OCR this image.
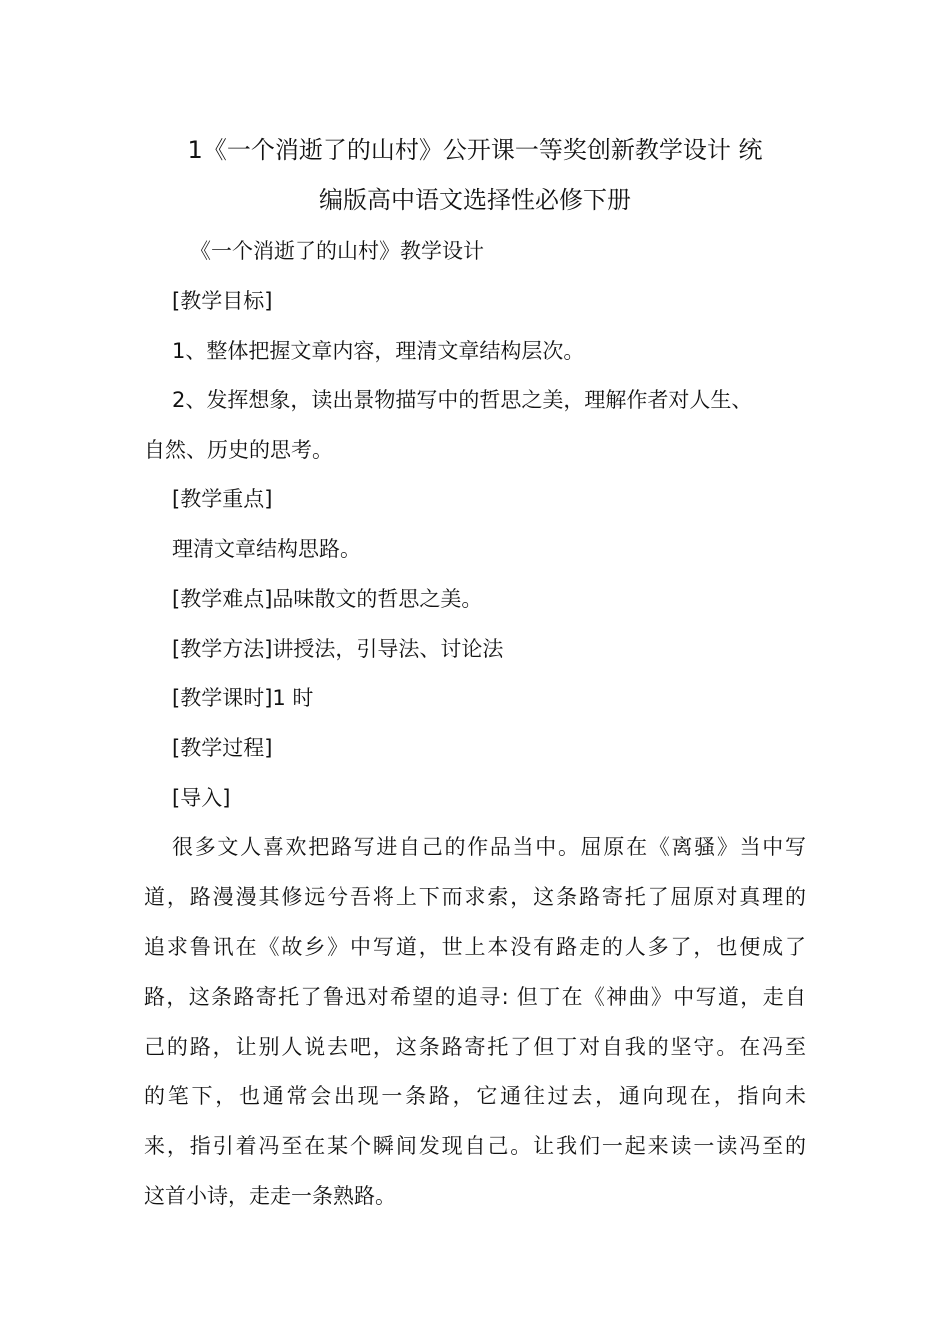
1《一个消逝了的山村》公开课一等奖创新教学设计 统
编版高中语文选择性必修下册
《一个消逝了的山村》教学设计
[教学目标]
1、整体把握文章内容，理清文章结构层次。
2、发挥想象，读出景物描写中的哲思之美，理解作者对人生、
自然、历史的思考。
[教学重点]
理清文章结构思路。
[教学难点]品味散文的哲思之美。
[教学方法]讲授法，引导法、讨论法
[教学课时]1 时
[教学过程]
[导入]
很多文人喜欢把路写进自己的作品当中。屈原在《离骚》当中写
道，路漫漫其修远兮吾将上下而求索，这条路寄托了屈原对真理的
追求鲁讯在《故乡》中写道，世上本没有路走的人多了，也便成了
路，这条路寄托了鲁迅对希望的追寻: 但丁在《神曲》中写道，走自
己的路，让别人说去吧，这条路寄托了但丁对自我的坚守。在冯至
的笔下，也通常会出现一条路，它通往过去，通向现在，指向未
来，指引着冯至在某个瞬间发现自己。让我们一起来读一读冯至的
这首小诗，走走一条熟路。
